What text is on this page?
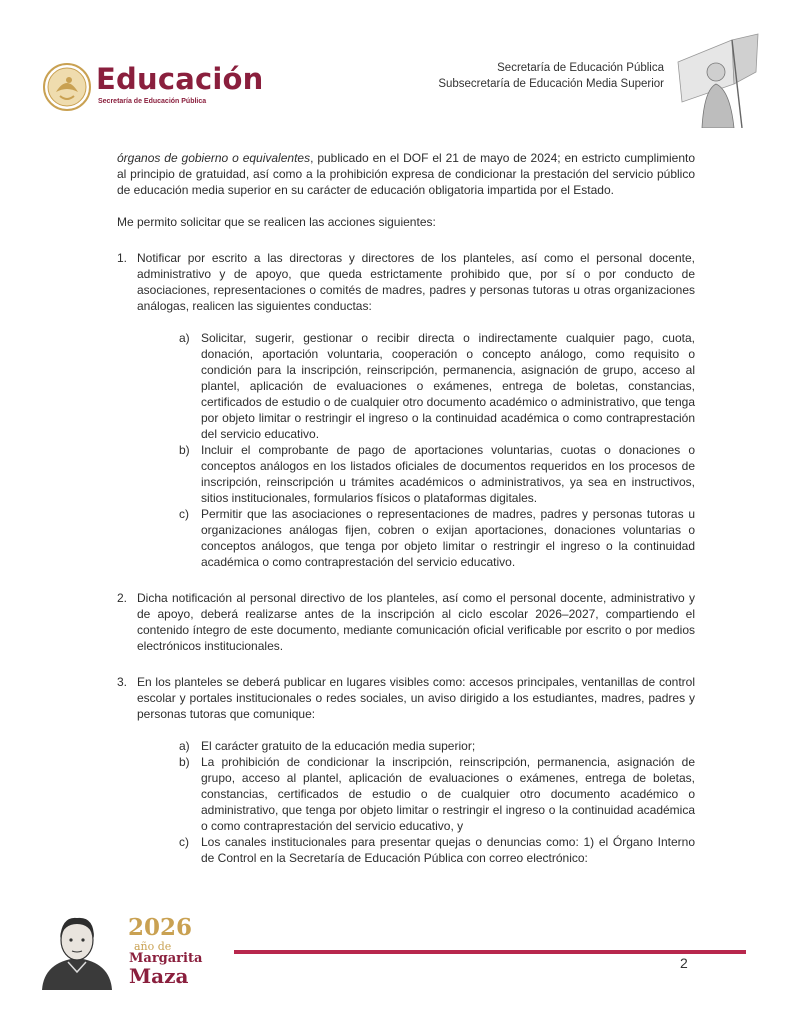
Educación
Secretaría de Educación Pública
Secretaría de Educación Pública
Subsecretaría de Educación Media Superior

órganos de gobierno o equivalentes, publicado en el DOF el 21 de mayo de 2024; en estricto cumplimiento al principio de gratuidad, así como a la prohibición expresa de condicionar la prestación del servicio público de educación media superior en su carácter de educación obligatoria impartida por el Estado.

Me permito solicitar que se realicen las acciones siguientes:

1. Notificar por escrito a las directoras y directores de los planteles, así como el personal docente, administrativo y de apoyo, que queda estrictamente prohibido que, por sí o por conducto de asociaciones, representaciones o comités de madres, padres y personas tutoras u otras organizaciones análogas, realicen las siguientes conductas:

a) Solicitar, sugerir, gestionar o recibir directa o indirectamente cualquier pago, cuota, donación, aportación voluntaria, cooperación o concepto análogo, como requisito o condición para la inscripción, reinscripción, permanencia, asignación de grupo, acceso al plantel, aplicación de evaluaciones o exámenes, entrega de boletas, constancias, certificados de estudio o de cualquier otro documento académico o administrativo, que tenga por objeto limitar o restringir el ingreso o la continuidad académica o como contraprestación del servicio educativo.

b) Incluir el comprobante de pago de aportaciones voluntarias, cuotas o donaciones o conceptos análogos en los listados oficiales de documentos requeridos en los procesos de inscripción, reinscripción u trámites académicos o administrativos, ya sea en instructivos, sitios institucionales, formularios físicos o plataformas digitales.

c) Permitir que las asociaciones o representaciones de madres, padres y personas tutoras u organizaciones análogas fijen, cobren o exijan aportaciones, donaciones voluntarias o conceptos análogos, que tenga por objeto limitar o restringir el ingreso o la continuidad académica o como contraprestación del servicio educativo.

2. Dicha notificación al personal directivo de los planteles, así como el personal docente, administrativo y de apoyo, deberá realizarse antes de la inscripción al ciclo escolar 2026–2027, compartiendo el contenido íntegro de este documento, mediante comunicación oficial verificable por escrito o por medios electrónicos institucionales.

3. En los planteles se deberá publicar en lugares visibles como: accesos principales, ventanillas de control escolar y portales institucionales o redes sociales, un aviso dirigido a los estudiantes, madres, padres y personas tutoras que comunique:

a) El carácter gratuito de la educación media superior;

b) La prohibición de condicionar la inscripción, reinscripción, permanencia, asignación de grupo, acceso al plantel, aplicación de evaluaciones o exámenes, entrega de boletas, constancias, certificados de estudio o de cualquier otro documento académico o administrativo, que tenga por objeto limitar o restringir el ingreso o la continuidad académica o como contraprestación del servicio educativo, y

c) Los canales institucionales para presentar quejas o denuncias como: 1) el Órgano Interno de Control en la Secretaría de Educación Pública con correo electrónico:

2026
año de
Margarita
Maza
2
